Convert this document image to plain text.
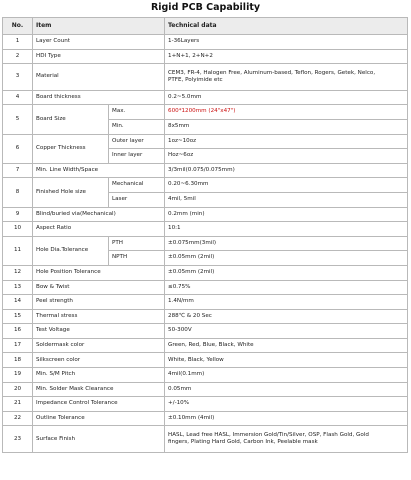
Rigid PCB Capability
No.	Item		Technical data
1	Layer Count		1-36Layers
2	HDI Type		1+N+1, 2+N+2
3	Material		CEM3, FR-4, Halogen Free, Aluminum-based, Teflon, Rogers, Getek, Nelco,
PTFE, Polyimide etc

4	Board thickness		0.2~5.0mm
5	Board Size	Max.	600*1200mm (24"x47")
		Min.	8x5mm
6	Copper Thickness	Outer layer	1oz~10oz
		Inner layer	Hoz~6oz
7	Min. Line Width/Space		3/3mil(0.075/0.075mm)
8	Finished Hole size	Mechanical	0.20~6.30mm
		Laser	4mil, 5mil
9	Blind/buried via(Mechanical)		0.2mm (min)
10	Aspect Ratio		10:1
11	Hole Dia.Tolerance	PTH	±0.075mm(3mil)
		NPTH	±0.05mm (2mil)
12	Hole Position Tolerance		±0.05mm (2mil)
13	Bow & Twist		≤0.75%
14	Peel strength		1.4N/mm
15	Thermal stress		288℃ & 20 Sec
16	Test Voltage		50-300V
17	Soldermask color		Green, Red, Blue, Black, White
18	Silkscreen color		White, Black, Yellow
19	Min. S/M Pitch		4mil(0.1mm)
20	Min. Solder Mask Clearance		0.05mm
21	Impedance Control Tolerance		+/-10%
22	Outline Tolerance		±0.10mm (4mil)
23	Surface Finish		HASL, Lead free HASL, Immersion Gold/Tin/Silver, OSP, Flash Gold, Gold
fingers, Plating Hard Gold, Carbon Ink, Peelable mask
